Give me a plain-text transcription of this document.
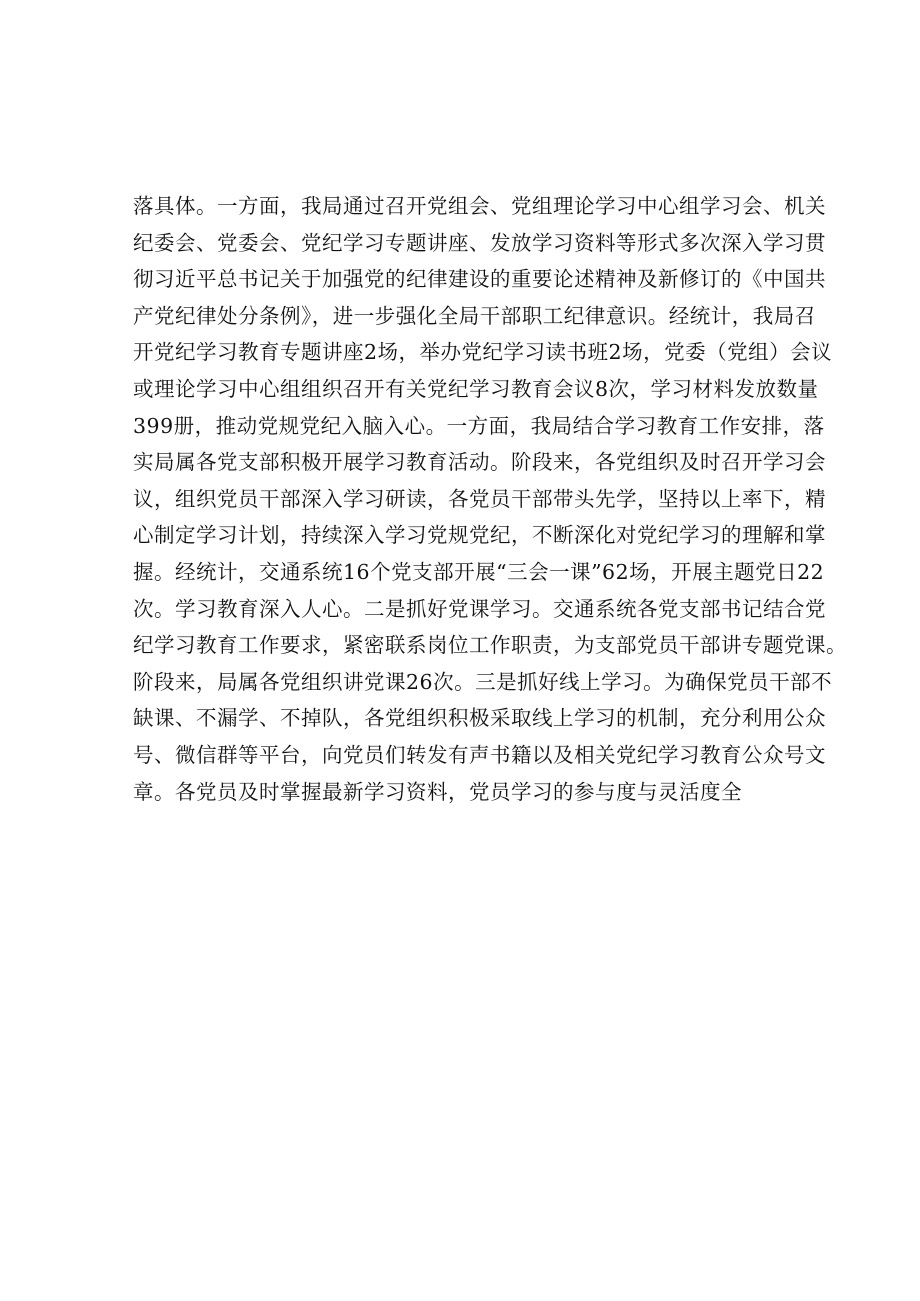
落具体。一方面，我局通过召开党组会、党组理论学习中心组学习会、机关
纪委会、党委会、党纪学习专题讲座、发放学习资料等形式多次深入学习贯
彻习近平总书记关于加强党的纪律建设的重要论述精神及新修订的《中国共
产党纪律处分条例》，进一步强化全局干部职工纪律意识。经统计，我局召
开党纪学习教育专题讲座2场，举办党纪学习读书班2场，党委（党组）会议
或理论学习中心组组织召开有关党纪学习教育会议8次，学习材料发放数量
399册，推动党规党纪入脑入心。一方面，我局结合学习教育工作安排，落
实局属各党支部积极开展学习教育活动。阶段来，各党组织及时召开学习会
议，组织党员干部深入学习研读，各党员干部带头先学，坚持以上率下，精
心制定学习计划，持续深入学习党规党纪，不断深化对党纪学习的理解和掌
握。经统计，交通系统16个党支部开展“三会一课”62场，开展主题党日22
次。学习教育深入人心。二是抓好党课学习。交通系统各党支部书记结合党
纪学习教育工作要求，紧密联系岗位工作职责，为支部党员干部讲专题党课。
阶段来，局属各党组织讲党课26次。三是抓好线上学习。为确保党员干部不
缺课、不漏学、不掉队，各党组织积极采取线上学习的机制，充分利用公众
号、微信群等平台，向党员们转发有声书籍以及相关党纪学习教育公众号文
章。各党员及时掌握最新学习资料，党员学习的参与度与灵活度全
